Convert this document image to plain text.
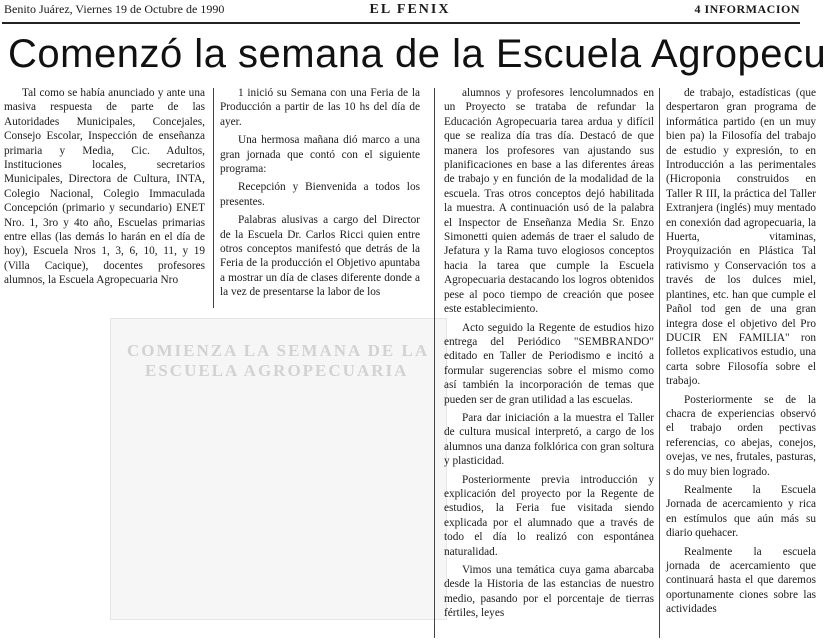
Benito Juárez, Viernes 19 de Octubre de 1990	EL FENIX	4 INFORMACION
Comenzó la semana de la Escuela Agropecu
COMIENZA LA SEMANA DE LA
ESCUELA AGROPECUARIA

Tal como se había anunciado y ante una masiva respuesta de parte de las Autoridades Municipales, Concejales, Consejo Escolar, Inspección de enseñanza primaria y Media, Cic. Adultos, Instituciones locales, secretarios Municipales, Directora de Cultura, INTA, Colegio Nacional, Colegio Immaculada Concepción (primario y secundario) ENET Nro. 1, 3ro y 4to año, Escuelas primarias entre ellas (las demás lo harán en el día de hoy), Escuela Nros 1, 3, 6, 10, 11, y 19 (Villa Cacique), docentes profesores alumnos, la Escuela Agropecuaria Nro

1 inició su Semana con una Feria de la Producción a partir de las 10 hs del día de ayer.

Una hermosa mañana dió marco a una gran jornada que contó con el siguiente programa:

Recepción y Bienvenida a todos los presentes.

Palabras alusivas a cargo del Director de la Escuela Dr. Carlos Ricci quien entre otros conceptos manifestó que detrás de la Feria de la producción el Objetivo apuntaba a mostrar un día de clases diferente donde a la vez de presentarse la labor de los

alumnos y profesores lencolumnados en un Proyecto se trataba de refundar la Educación Agropecuaria tarea ardua y difícil que se realiza día tras día. Destacó de que manera los profesores van ajustando sus planificaciones en base a las diferentes áreas de trabajo y en función de la modalidad de la escuela. Tras otros conceptos dejó habilitada la muestra. A continuación usó de la palabra el Inspector de Enseñanza Media Sr. Enzo Simonetti quien además de traer el saludo de Jefatura y la Rama tuvo elogiosos conceptos hacia la tarea que cumple la Escuela Agropecuaria destacando los logros obtenidos pese al poco tiempo de creación que posee este establecimiento.

Acto seguido la Regente de estudios hizo entrega del Periódico "SEMBRANDO" editado en Taller de Periodismo e incitó a formular sugerencias sobre el mismo como así también la incorporación de temas que pueden ser de gran utilidad a las escuelas.

Para dar iniciación a la muestra el Taller de cultura musical interpretó, a cargo de los alumnos una danza folklórica con gran soltura y plasticidad.

Posteriormente previa introducción y explicación del proyecto por la Regente de estudios, la Feria fue visitada siendo explicada por el alumnado que a través de todo el día lo realizó con espontánea naturalidad.

Vimos una temática cuya gama abarcaba desde la Historia de las estancias de nuestro medio, pasando por el porcentaje de tierras fértiles, leyes

de trabajo, estadísticas (que despertaron gran programa de informática partido (en un muy bien pa) la Filosofía del trabajo de estudio y expresión, to en Introducción a las perimentales (Hicroponia construidos en Taller R III, la práctica del Taller Extranjera (inglés) muy mentado en conexión dad agropecuaria, la Huerta, vitaminas, Proyquización en Plástica Tal rativismo y Conservación tos a través de los dulces miel, plantines, etc. han que cumple el Pañol tod gen de una gran integra dose el objetivo del Pro DUCIR EN FAMILIA" ron folletos explicativos estudio, una carta sobre Filosofía sobre el trabajo.

Posteriormente se de la chacra de experiencias observó el trabajo orden pectivas referencias, co abejas, conejos, ovejas, ve nes, frutales, pasturas, s do muy bien logrado.

Realmente la Escuela Jornada de acercamiento y rica en estímulos que aún más su diario quehacer.

Realmente la escuela jornada de acercamiento que continuará hasta el que daremos oportunamente ciones sobre las actividades
